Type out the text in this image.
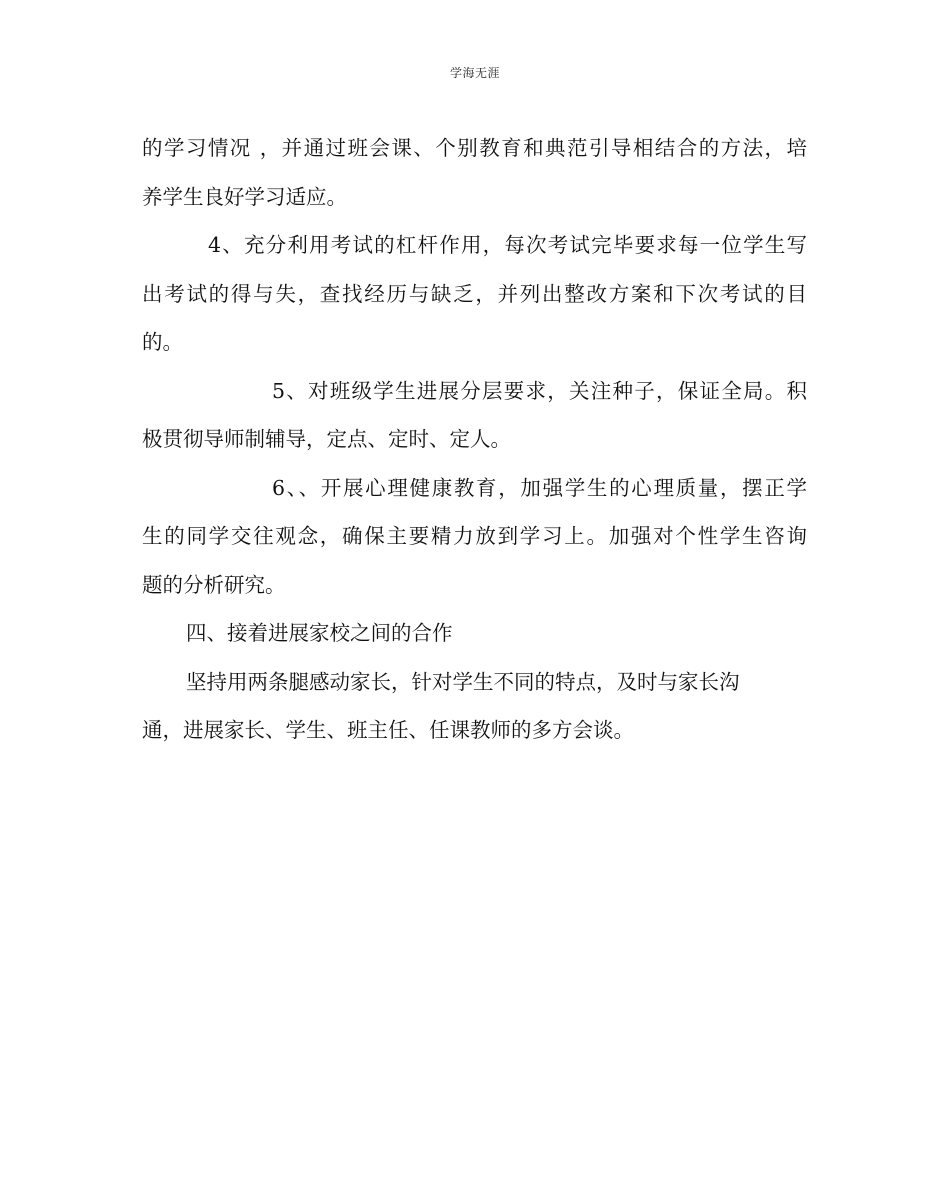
学海无涯
的学习情况 ，并通过班会课、个别教育和典范引导相结合的方法，培
养学生良好学习适应。
4、充分利用考试的杠杆作用，每次考试完毕要求每一位学生写
出考试的得与失，查找经历与缺乏，并列出整改方案和下次考试的目
的。
5、对班级学生进展分层要求，关注种子，保证全局。积
极贯彻导师制辅导，定点、定时、定人。
6、、开展心理健康教育，加强学生的心理质量，摆正学
生的同学交往观念，确保主要精力放到学习上。加强对个性学生咨询
题的分析研究。
四、接着进展家校之间的合作
坚持用两条腿感动家长，针对学生不同的特点，及时与家长沟
通，进展家长、学生、班主任、任课教师的多方会谈。
